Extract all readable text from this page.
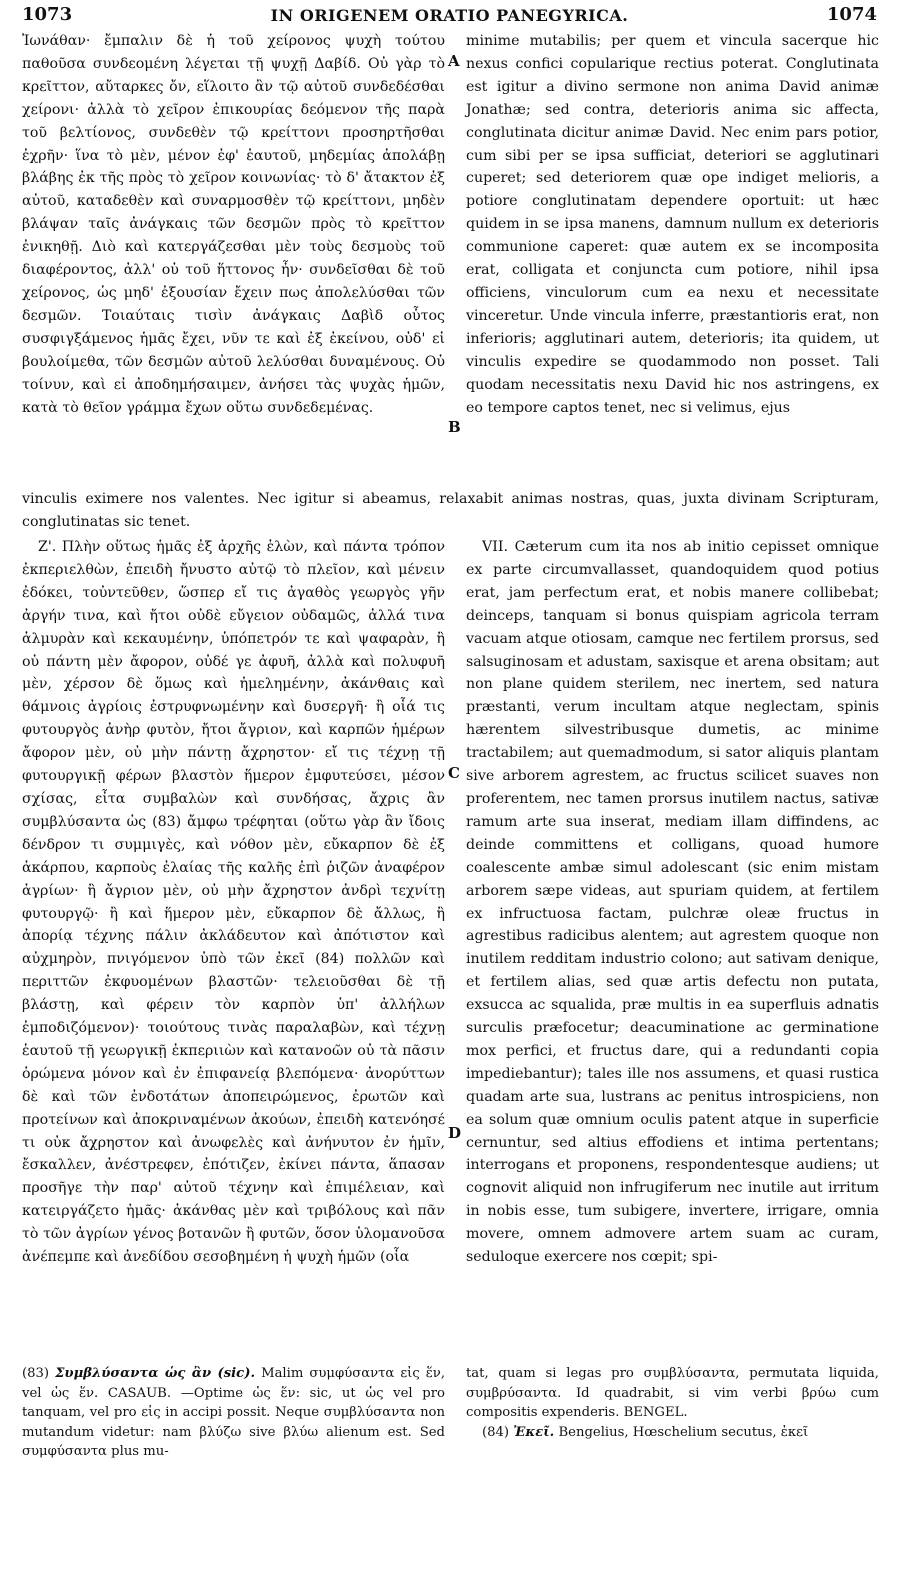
1073	IN ORIGENEM ORATIO PANEGYRICA.	1074

Ἰωνάθαν· ἔμπαλιν δὲ ἡ τοῦ χείρονος ψυχὴ τούτου παθοῦσα συνδεομένη λέγεται τῇ ψυχῇ Δαβίδ. Οὐ γὰρ τὸ κρεῖττον, αὔταρκες ὄν, εἵλοιτο ἂν τῷ αὐτοῦ συνδεδέσθαι χείρονι· ἀλλὰ τὸ χεῖρον ἐπικουρίας δεόμενον τῆς παρὰ τοῦ βελτίονος, συνδεθὲν τῷ κρείττονι προσηρτῆσθαι ἐχρῆν· ἵνα τὸ μὲν, μένον ἐφ' ἑαυτοῦ, μηδεμίας ἀπολάβῃ βλάβης ἐκ τῆς πρὸς τὸ χεῖρον κοινωνίας· τὸ δ' ἄτακτον ἐξ αὐτοῦ, καταδεθὲν καὶ συναρμοσθὲν τῷ κρείττονι, μηδὲν βλάψαν ταῖς ἀνάγκαις τῶν δεσμῶν πρὸς τὸ κρεῖττον ἐνικηθῇ. Διὸ καὶ κατεργάζεσθαι μὲν τοὺς δεσμοὺς τοῦ διαφέροντος, ἀλλ' οὐ τοῦ ἥττονος ἦν· συνδεῖσθαι δὲ τοῦ χείρονος, ὡς μηδ' ἐξουσίαν ἔχειν πως ἀπολελύσθαι τῶν δεσμῶν. Τοιαύταις τισὶν ἀνάγκαις Δαβὶδ οὗτος συσφιγξάμενος ἡμᾶς ἔχει, νῦν τε καὶ ἐξ ἐκείνου, οὐδ' εἰ βουλοίμεθα, τῶν δεσμῶν αὐτοῦ λελύσθαι δυναμένους. Οὐ τοίνυν, καὶ εἰ ἀποδημήσαιμεν, ἀνήσει τὰς ψυχὰς ἡμῶν, κατὰ τὸ θεῖον γράμμα ἔχων οὕτω συνδεδεμένας.

minime mutabilis; per quem et vincula sacerque hic nexus confici copularique rectius poterat. Conglutinata est igitur a divino sermone non anima David animæ Jonathæ; sed contra, deterioris anima sic affecta, conglutinata dicitur animæ David. Nec enim pars potior, cum sibi per se ipsa sufficiat, deteriori se agglutinari cuperet; sed deteriorem quæ ope indiget melioris, a potiore conglutinatam dependere oportuit: ut hæc quidem in se ipsa manens, damnum nullum ex deterioris communione caperet: quæ autem ex se incomposita erat, colligata et conjuncta cum potiore, nihil ipsa officiens, vinculorum cum ea nexu et necessitate vinceretur. Unde vincula inferre, præstantioris erat, non inferioris; agglutinari autem, deterioris; ita quidem, ut vinculis expedire se quodammodo non posset. Tali quodam necessitatis nexu David hic nos astringens, ex eo tempore captos tenet, nec si velimus, ejus

A
B
vinculis eximere nos valentes. Nec igitur si abeamus, relaxabit animas nostras, quas, juxta divinam Scripturam, conglutinatas sic tenet.

Ζ'. Πλὴν οὕτως ἡμᾶς ἐξ ἀρχῆς ἑλὼν, καὶ πάντα τρόπον ἐκπεριελθὼν, ἐπειδὴ ἤνυστο αὐτῷ τὸ πλεῖον, καὶ μένειν ἐδόκει, τοὐντεῦθεν, ὥσπερ εἴ τις ἀγαθὸς γεωργὸς γῆν ἀργήν τινα, καὶ ἤτοι οὐδὲ εὔγειον οὐδαμῶς, ἀλλά τινα ἁλμυρὰν καὶ κεκαυμένην, ὑπόπετρόν τε καὶ ψαφαρὰν, ἢ οὐ πάντη μὲν ἄφορον, οὐδέ γε ἀφυῆ, ἀλλὰ καὶ πολυφυῆ μὲν, χέρσον δὲ ὅμως καὶ ἠμελημένην, ἀκάνθαις καὶ θάμνοις ἀγρίοις ἐστρυφνωμένην καὶ δυσεργῆ· ἢ οἷά τις φυτουργὸς ἀνὴρ φυτὸν, ἤτοι ἄγριον, καὶ καρπῶν ἡμέρων ἄφορον μὲν, οὐ μὴν πάντῃ ἄχρηστον· εἴ τις τέχνῃ τῇ φυτουργικῇ φέρων βλαστὸν ἥμερον ἐμφυτεύσει, μέσον σχίσας, εἶτα συμβαλὼν καὶ συνδήσας, ἄχρις ἂν συμβλύσαντα ὡς (83) ἄμφω τρέφηται (οὕτω γὰρ ἂν ἴδοις δένδρον τι συμμιγὲς, καὶ νόθον μὲν, εὔκαρπον δὲ ἐξ ἀκάρπου, καρποὺς ἐλαίας τῆς καλῆς ἐπὶ ῥιζῶν ἀναφέρον ἀγρίων· ἢ ἄγριον μὲν, οὐ μὴν ἄχρηστον ἀνδρὶ τεχνίτῃ φυτουργῷ· ἢ καὶ ἥμερον μὲν, εὔκαρπον δὲ ἄλλως, ἢ ἀπορίᾳ τέχνης πάλιν ἀκλάδευτον καὶ ἀπότιστον καὶ αὐχμηρὸν, πνιγόμενον ὑπὸ τῶν ἐκεῖ (84) πολλῶν καὶ περιττῶν ἐκφυομένων βλαστῶν· τελειοῦσθαι δὲ τῇ βλάστῃ, καὶ φέρειν τὸν καρπὸν ὑπ' ἀλλήλων ἐμποδιζόμενον)· τοιούτους τινὰς παραλαβὼν, καὶ τέχνῃ ἑαυτοῦ τῇ γεωργικῇ ἐκπεριιὼν καὶ κατανοῶν οὐ τὰ πᾶσιν ὁρώμενα μόνον καὶ ἐν ἐπιφανείᾳ βλεπόμενα· ἀνορύττων δὲ καὶ τῶν ἐνδοτάτων ἀποπειρώμενος, ἐρωτῶν καὶ προτείνων καὶ ἀποκριναμένων ἀκούων, ἐπειδὴ κατενόησέ τι οὐκ ἄχρηστον καὶ ἀνωφελὲς καὶ ἀνήνυτον ἐν ἡμῖν, ἔσκαλλεν, ἀνέστρεφεν, ἐπότιζεν, ἐκίνει πάντα, ἅπασαν προσῆγε τὴν παρ' αὐτοῦ τέχνην καὶ ἐπιμέλειαν, καὶ κατειργάζετο ἡμᾶς· ἀκάνθας μὲν καὶ τριβόλους καὶ πᾶν τὸ τῶν ἀγρίων γένος βοτανῶν ἢ φυτῶν, ὅσον ὑλομανοῦσα ἀνέπεμπε καὶ ἀνεδίδου σεσοβημένη ἡ ψυχὴ ἡμῶν (οἷα

VII. Cæterum cum ita nos ab initio cepisset omnique ex parte circumvallasset, quandoquidem quod potius erat, jam perfectum erat, et nobis manere collibebat; deinceps, tanquam si bonus quispiam agricola terram vacuam atque otiosam, camque nec fertilem prorsus, sed salsuginosam et adustam, saxisque et arena obsitam; aut non plane quidem sterilem, nec inertem, sed natura præstanti, verum incultam atque neglectam, spinis hærentem silvestribusque dumetis, ac minime tractabilem; aut quemadmodum, si sator aliquis plantam sive arborem agrestem, ac fructus scilicet suaves non proferentem, nec tamen prorsus inutilem nactus, sativæ ramum arte sua inserat, mediam illam diffindens, ac deinde committens et colligans, quoad humore coalescente ambæ simul adolescant (sic enim mistam arborem sæpe videas, aut spuriam quidem, at fertilem ex infructuosa factam, pulchræ oleæ fructus in agrestibus radicibus alentem; aut agrestem quoque non inutilem redditam industrio colono; aut sativam denique, et fertilem alias, sed quæ artis defectu non putata, exsucca ac squalida, præ multis in ea superfluis adnatis surculis præfocetur; deacuminatione ac germinatione mox perfici, et fructus dare, qui a redundanti copia impediebantur); tales ille nos assumens, et quasi rustica quadam arte sua, lustrans ac penitus introspiciens, non ea solum quæ omnium oculis patent atque in superficie cernuntur, sed altius effodiens et intima pertentans; interrogans et proponens, respondentesque audiens; ut cognovit aliquid non infrugiferum nec inutile aut irritum in nobis esse, tum subigere, invertere, irrigare, omnia movere, omnem admovere artem suam ac curam, seduloque exercere nos cœpit; spi-

C
D
(83) Συμβλύσαντα ὡς ἂν (sic). Malim συμφύσαντα εἰς ἕν, vel ὡς ἕν. CASAUB. —Optime ὡς ἕν: sic, ut ὡς vel pro tanquam, vel pro εἰς in accipi possit. Neque συμβλύσαντα non mutandum videtur: nam βλύζω sive βλύω alienum est. Sed συμφύσαντα plus mu-
tat, quam si legas pro συμβλύσαντα, permutata liquida, συμβρύσαντα. Id quadrabit, si vim verbi βρύω cum compositis expenderis. BENGEL.
(84) Ἐκεῖ. Bengelius, Hœschelium secutus, ἐκεῖ
